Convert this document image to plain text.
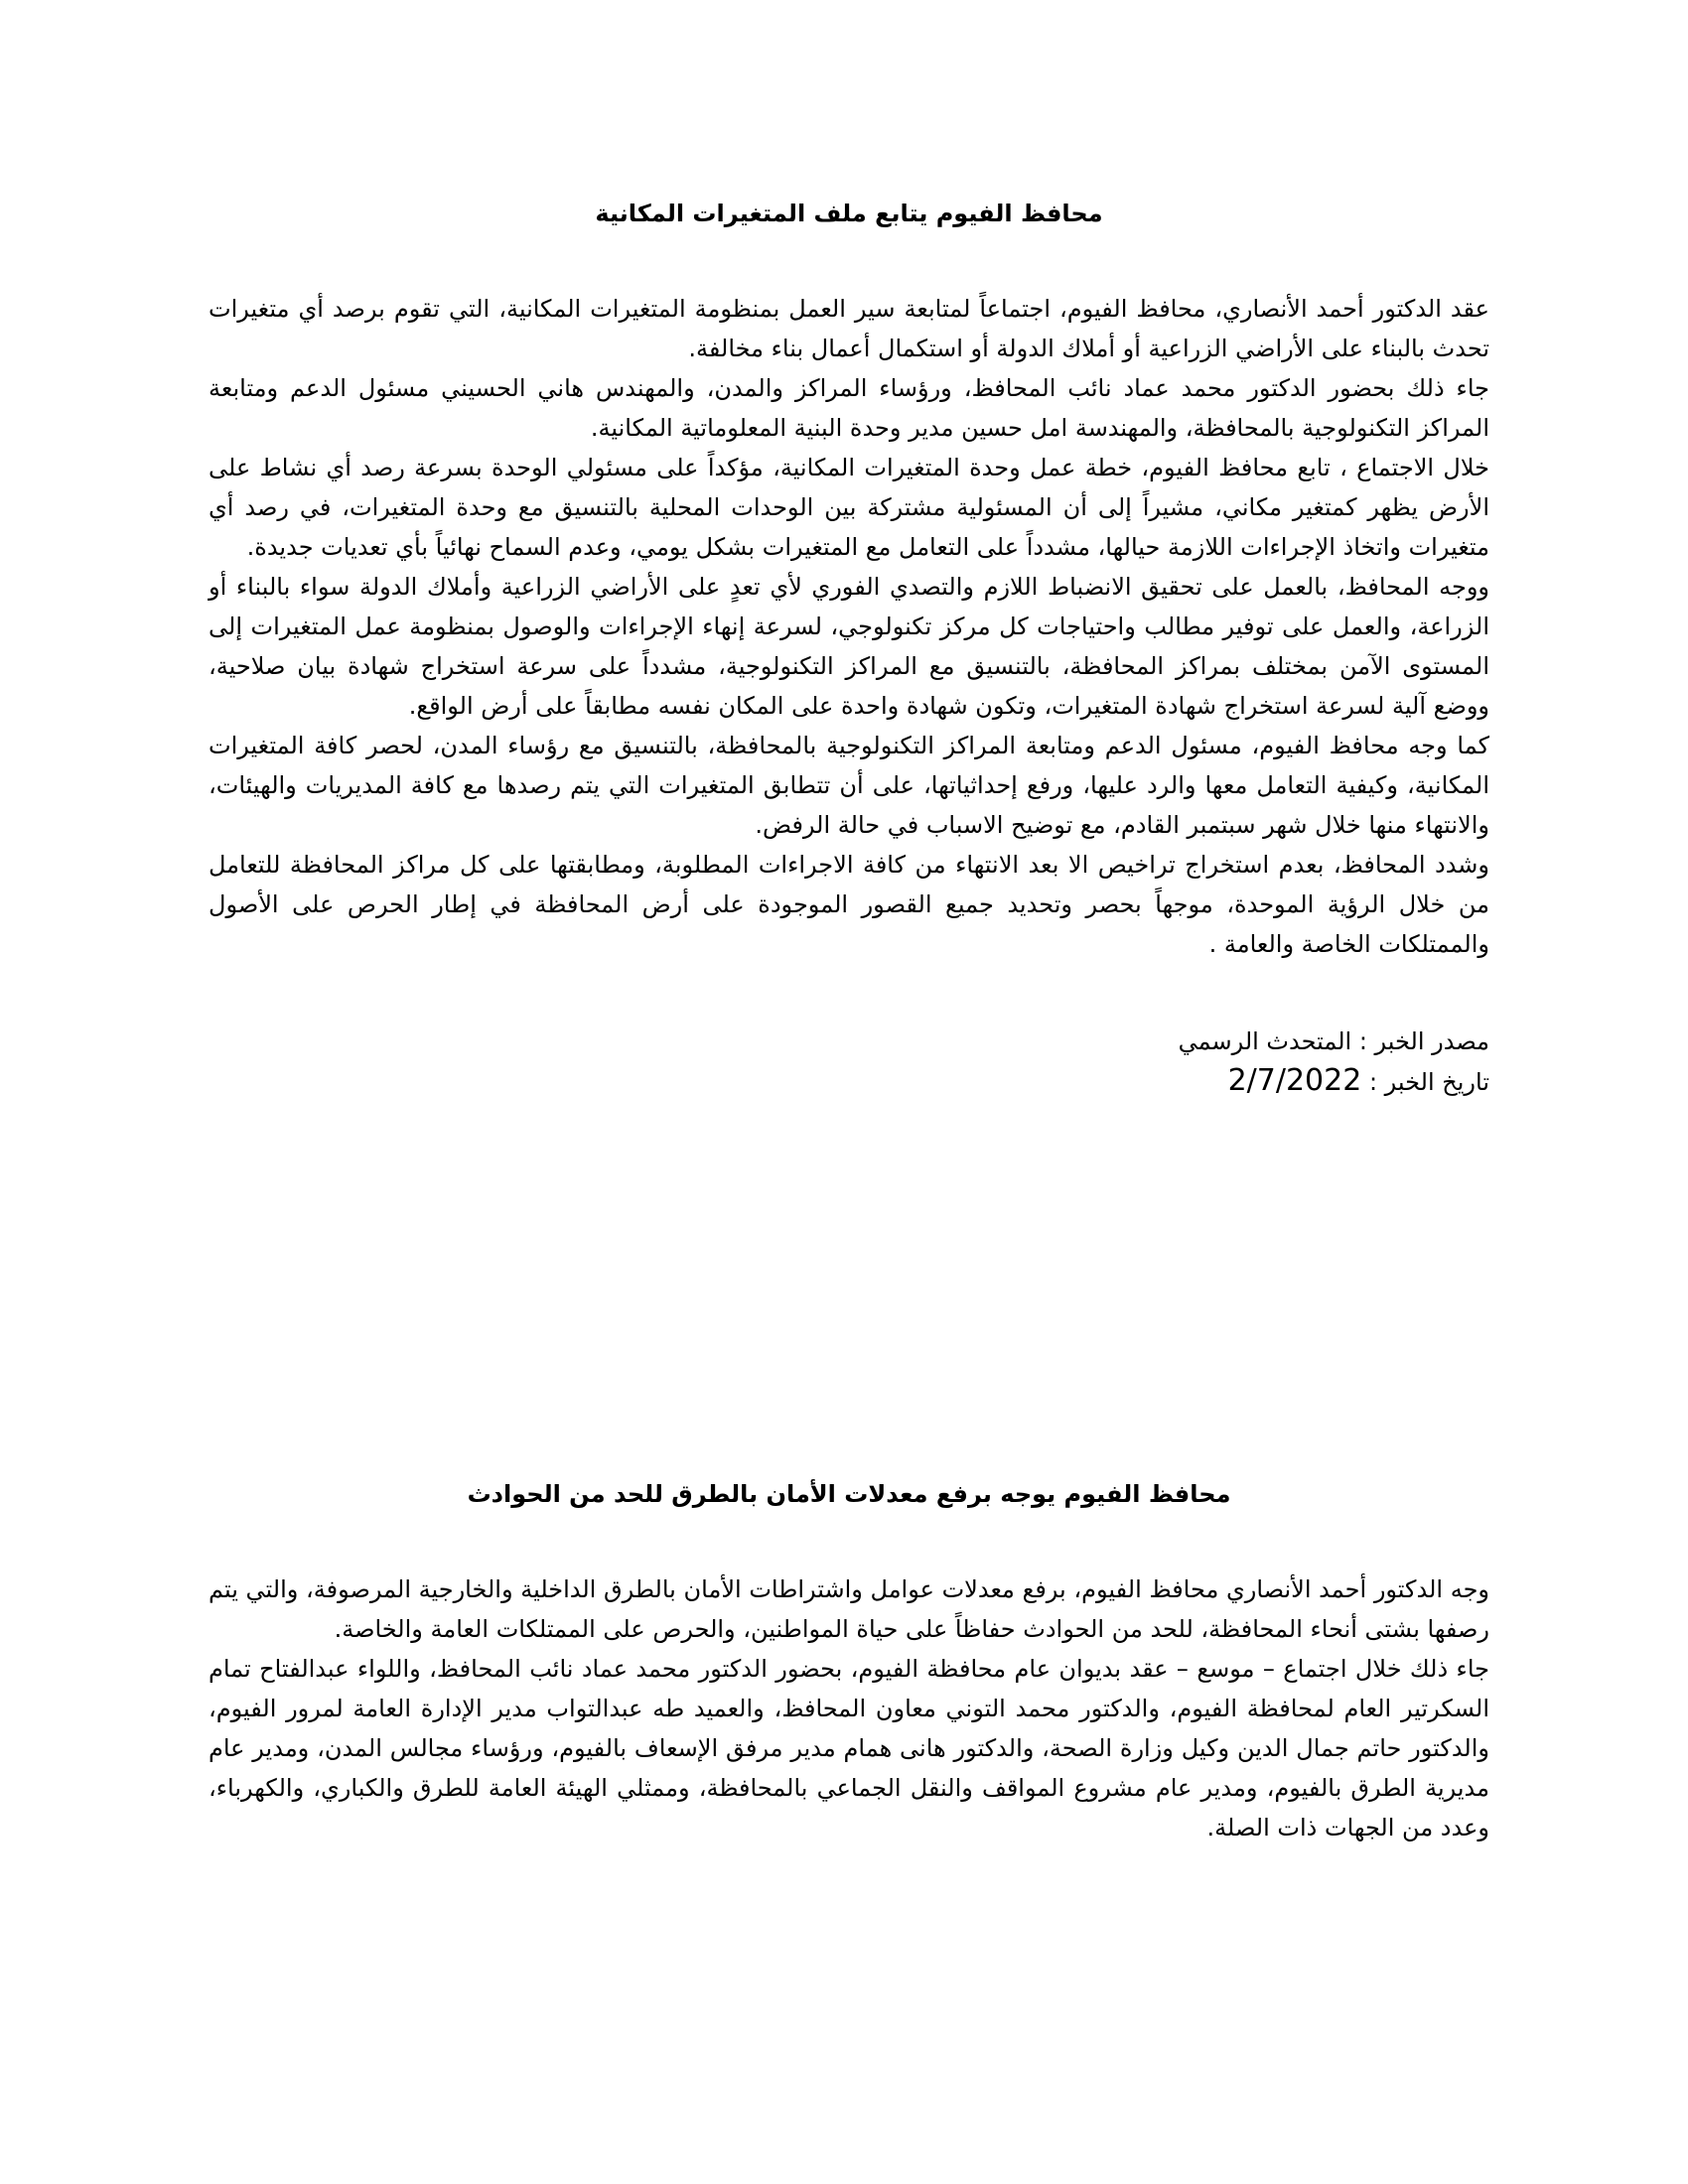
محافظ الفيوم يتابع ملف المتغيرات المكانية

عقد الدكتور أحمد الأنصاري، محافظ الفيوم، اجتماعاً لمتابعة سير العمل بمنظومة المتغيرات المكانية، التي تقوم برصد أي متغيرات تحدث بالبناء على الأراضي الزراعية أو أملاك الدولة أو استكمال أعمال بناء مخالفة.

جاء ذلك بحضور الدكتور محمد عماد نائب المحافظ، ورؤساء المراكز والمدن، والمهندس هاني الحسيني مسئول الدعم ومتابعة المراكز التكنولوجية بالمحافظة، والمهندسة امل حسين مدير وحدة البنية المعلوماتية المكانية.

خلال الاجتماع ، تابع محافظ الفيوم، خطة عمل وحدة المتغيرات المكانية، مؤكداً على مسئولي الوحدة بسرعة رصد أي نشاط على الأرض يظهر كمتغير مكاني، مشيراً إلى أن المسئولية مشتركة بين الوحدات المحلية بالتنسيق مع وحدة المتغيرات، في رصد أي متغيرات واتخاذ الإجراءات اللازمة حيالها، مشدداً على التعامل مع المتغيرات بشكل يومي، وعدم السماح نهائياً بأي تعديات جديدة.

ووجه المحافظ، بالعمل على تحقيق الانضباط اللازم والتصدي الفوري لأي تعدٍ على الأراضي الزراعية وأملاك الدولة سواء بالبناء أو الزراعة، والعمل على توفير مطالب واحتياجات كل مركز تكنولوجي، لسرعة إنهاء الإجراءات والوصول بمنظومة عمل المتغيرات إلى المستوى الآمن بمختلف بمراكز المحافظة، بالتنسيق مع المراكز التكنولوجية، مشدداً على سرعة استخراج شهادة بيان صلاحية، ووضع آلية لسرعة استخراج شهادة المتغيرات، وتكون شهادة واحدة على المكان نفسه مطابقاً على أرض الواقع.

كما وجه محافظ الفيوم، مسئول الدعم ومتابعة المراكز التكنولوجية بالمحافظة، بالتنسيق مع رؤساء المدن، لحصر كافة المتغيرات المكانية، وكيفية التعامل معها والرد عليها، ورفع إحداثياتها، على أن تتطابق المتغيرات التي يتم رصدها مع كافة المديريات والهيئات، والانتهاء منها خلال شهر سبتمبر القادم، مع توضيح الاسباب في حالة الرفض.

وشدد المحافظ، بعدم استخراج تراخيص الا بعد الانتهاء من كافة الاجراءات المطلوبة، ومطابقتها على كل مراكز المحافظة للتعامل من خلال الرؤية الموحدة، موجهاً بحصر وتحديد جميع القصور الموجودة على أرض المحافظة في إطار الحرص على الأصول والممتلكات الخاصة والعامة .

مصدر الخبر : المتحدث الرسمي
تاريخ الخبر : 2/7/2022
محافظ الفيوم يوجه برفع معدلات الأمان بالطرق للحد من الحوادث

وجه الدكتور أحمد الأنصاري محافظ الفيوم، برفع معدلات عوامل واشتراطات الأمان بالطرق الداخلية والخارجية المرصوفة، والتي يتم رصفها بشتى أنحاء المحافظة، للحد من الحوادث حفاظاً على حياة المواطنين، والحرص على الممتلكات العامة والخاصة.

جاء ذلك خلال اجتماع – موسع – عقد بديوان عام محافظة الفيوم، بحضور الدكتور محمد عماد نائب المحافظ، واللواء عبدالفتاح تمام السكرتير العام لمحافظة الفيوم، والدكتور محمد التوني معاون المحافظ، والعميد طه عبدالتواب مدير الإدارة العامة لمرور الفيوم، والدكتور حاتم جمال الدين وكيل وزارة الصحة، والدكتور هانى همام مدير مرفق الإسعاف بالفيوم، ورؤساء مجالس المدن، ومدير عام مديرية الطرق بالفيوم، ومدير عام مشروع المواقف والنقل الجماعي بالمحافظة، وممثلي الهيئة العامة للطرق والكباري، والكهرباء، وعدد من الجهات ذات الصلة.
